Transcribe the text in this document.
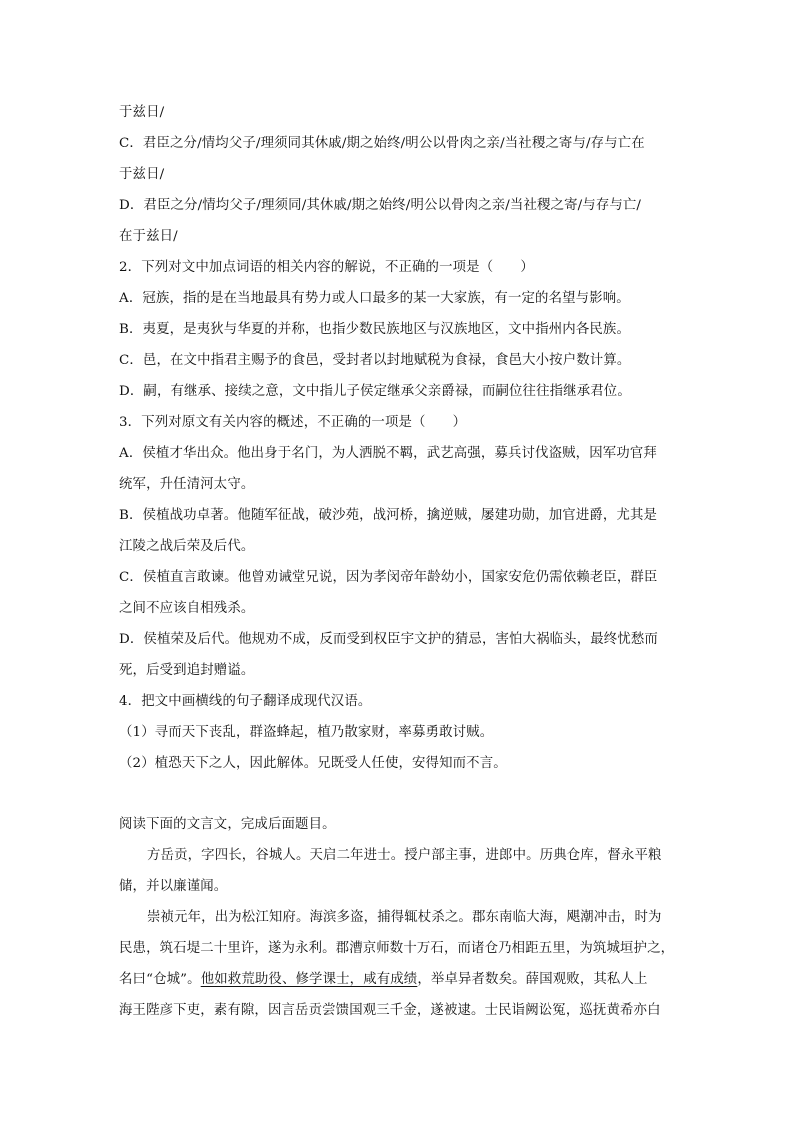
于兹日/
C．君臣之分/情均父子/理须同其休戚/期之始终/明公以骨肉之亲/当社稷之寄与/存与亡在
于兹日/
D．君臣之分/情均父子/理须同/其休戚/期之始终/明公以骨肉之亲/当社稷之寄/与存与亡/
在于兹日/
2．下列对文中加点词语的相关内容的解说，不正确的一项是（　　）
A．冠族，指的是在当地最具有势力或人口最多的某一大家族，有一定的名望与影响。
B．夷夏，是夷狄与华夏的并称，也指少数民族地区与汉族地区，文中指州内各民族。
C．邑，在文中指君主赐予的食邑，受封者以封地赋税为食禄，食邑大小按户数计算。
D．嗣，有继承、接续之意，文中指儿子侯定继承父亲爵禄，而嗣位往往指继承君位。
3．下列对原文有关内容的概述，不正确的一项是（　　）
A．侯植才华出众。他出身于名门，为人洒脱不羁，武艺高强，募兵讨伐盗贼，因军功官拜
统军，升任清河太守。
B．侯植战功卓著。他随军征战，破沙苑，战河桥，擒逆贼，屡建功勋，加官进爵，尤其是
江陵之战后荣及后代。
C．侯植直言敢谏。他曾劝诫堂兄说，因为孝闵帝年龄幼小，国家安危仍需依赖老臣，群臣
之间不应该自相残杀。
D．侯植荣及后代。他规劝不成，反而受到权臣宇文护的猜忌，害怕大祸临头，最终忧愁而
死，后受到追封赠谥。
4．把文中画横线的句子翻译成现代汉语。
（1）寻而天下丧乱，群盗蜂起，植乃散家财，率募勇敢讨贼。
（2）植恐天下之人，因此解体。兄既受人任使，安得知而不言。
阅读下面的文言文，完成后面题目。
方岳贡，字四长，谷城人。天启二年进士。授户部主事，进郎中。历典仓库，督永平粮
储，并以廉谨闻。
崇祯元年，出为松江知府。海滨多盗，捕得辄杖杀之。郡东南临大海，飓潮冲击，时为
民患，筑石堤二十里许，遂为永利。郡漕京师数十万石，而诸仓乃相距五里，为筑城垣护之，
名曰“仓城”。他如救荒助役、修学课士，咸有成绩，举卓异者数矣。薛国观败，其私人上
海王陛彦下吏，素有隙，因言岳贡尝馈国观三千金，遂被逮。士民诣阙讼冤，巡抚黄希亦白
